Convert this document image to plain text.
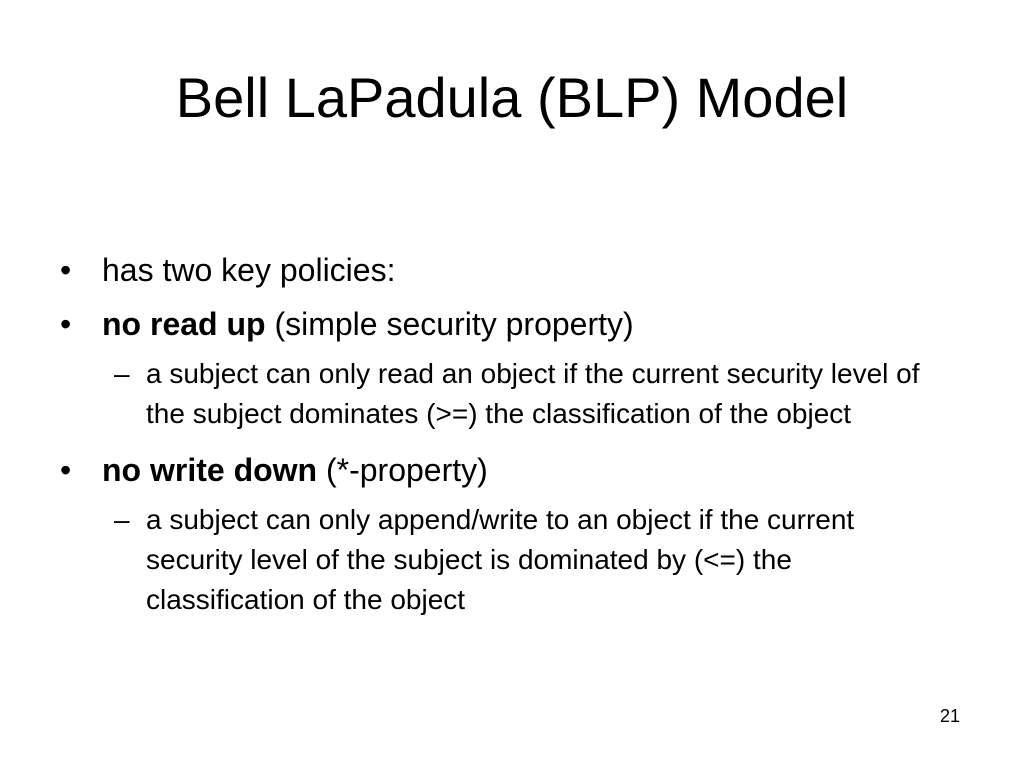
Bell LaPadula (BLP) Model
• has two key policies:
• no read up (simple security property)
– a subject can only read an object if the current security level of the subject dominates (>=) the classification of the object
• no write down (*-property)
– a subject can only append/write to an object if the current security level of the subject is dominated by (<=) the classification of the object
21
